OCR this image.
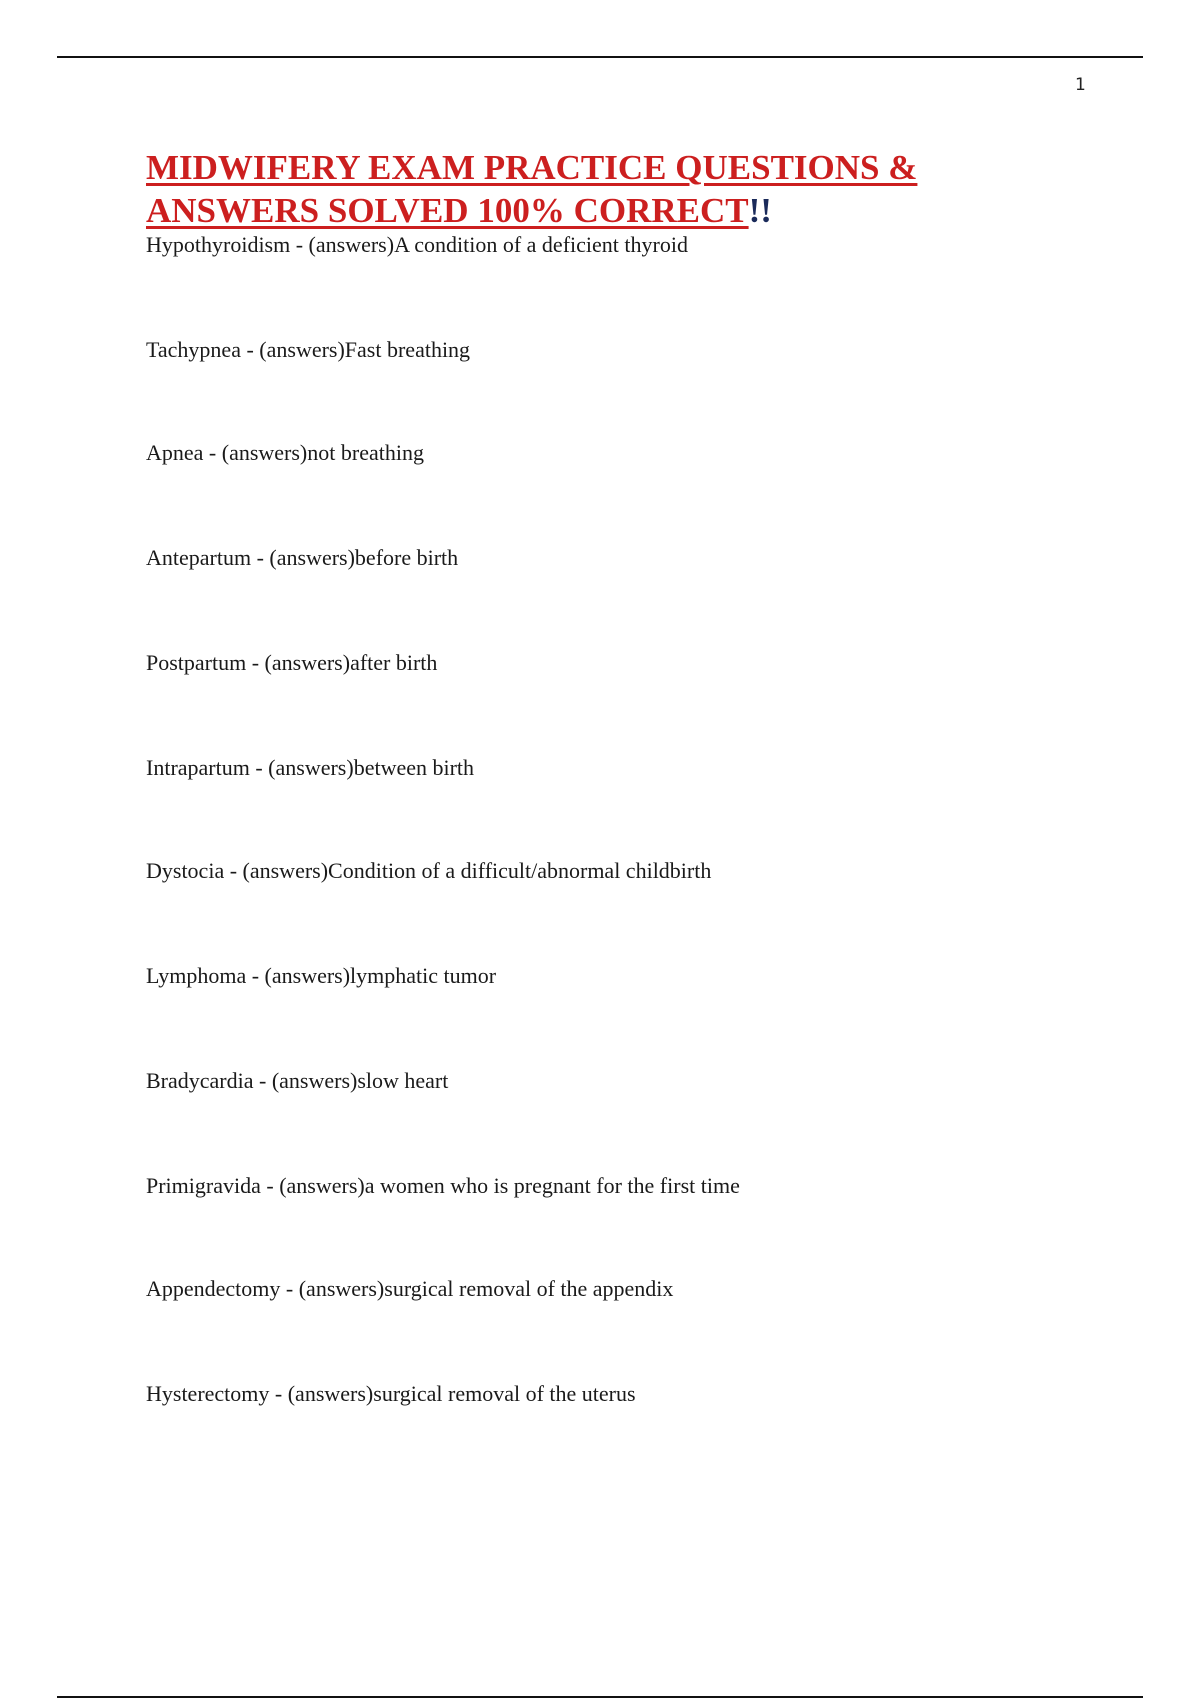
1
MIDWIFERY EXAM PRACTICE QUESTIONS & ANSWERS SOLVED 100% CORRECT!!
Hypothyroidism - (answers)A condition of a deficient thyroid
Tachypnea - (answers)Fast breathing
Apnea - (answers)not breathing
Antepartum - (answers)before birth
Postpartum - (answers)after birth
Intrapartum - (answers)between birth
Dystocia - (answers)Condition of a difficult/abnormal childbirth
Lymphoma - (answers)lymphatic tumor
Bradycardia - (answers)slow heart
Primigravida - (answers)a women who is pregnant for the first time
Appendectomy - (answers)surgical removal of the appendix
Hysterectomy - (answers)surgical removal of the uterus
